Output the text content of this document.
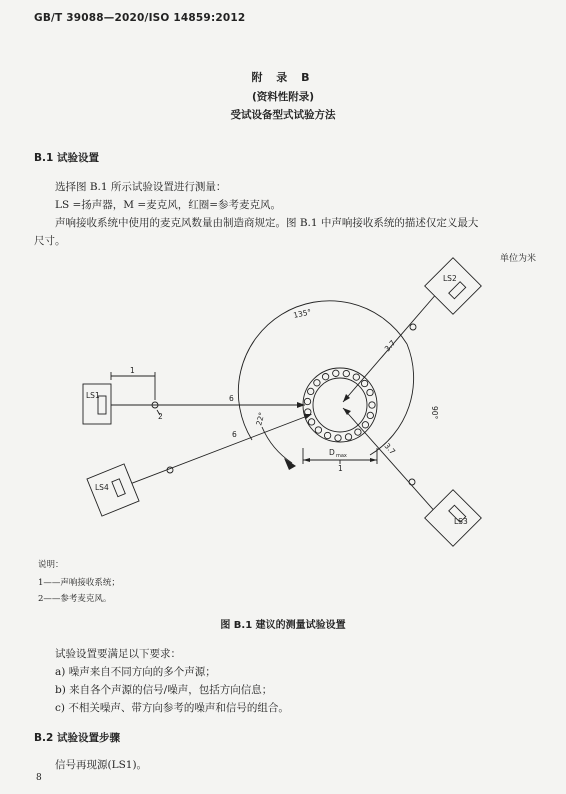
GB/T 39088—2020/ISO 14859:2012
附 录 B
(资料性附录)
受试设备型式试验方法
B.1 试验设置
选择图 B.1 所示试验设置进行测量：
LS =扬声器，M =麦克风，红圈=参考麦克风。
声响接收系统中使用的麦克风数量由制造商规定。图 B.1 中声响接收系统的描述仅定义最大
尺寸。
单位为米
LS1
LS2
LS3
LS4
1
6
6
3.7
3.7
135°
90°
22°
D max
1
2
说明：
1——声响接收系统；
2——参考麦克风。
图 B.1 建议的测量试验设置
试验设置要满足以下要求：
a) 噪声来自不同方向的多个声源；
b) 来自各个声源的信号/噪声，包括方向信息；
c) 不相关噪声、带方向参考的噪声和信号的组合。
B.2 试验设置步骤
信号再现源(LS1)。
8
